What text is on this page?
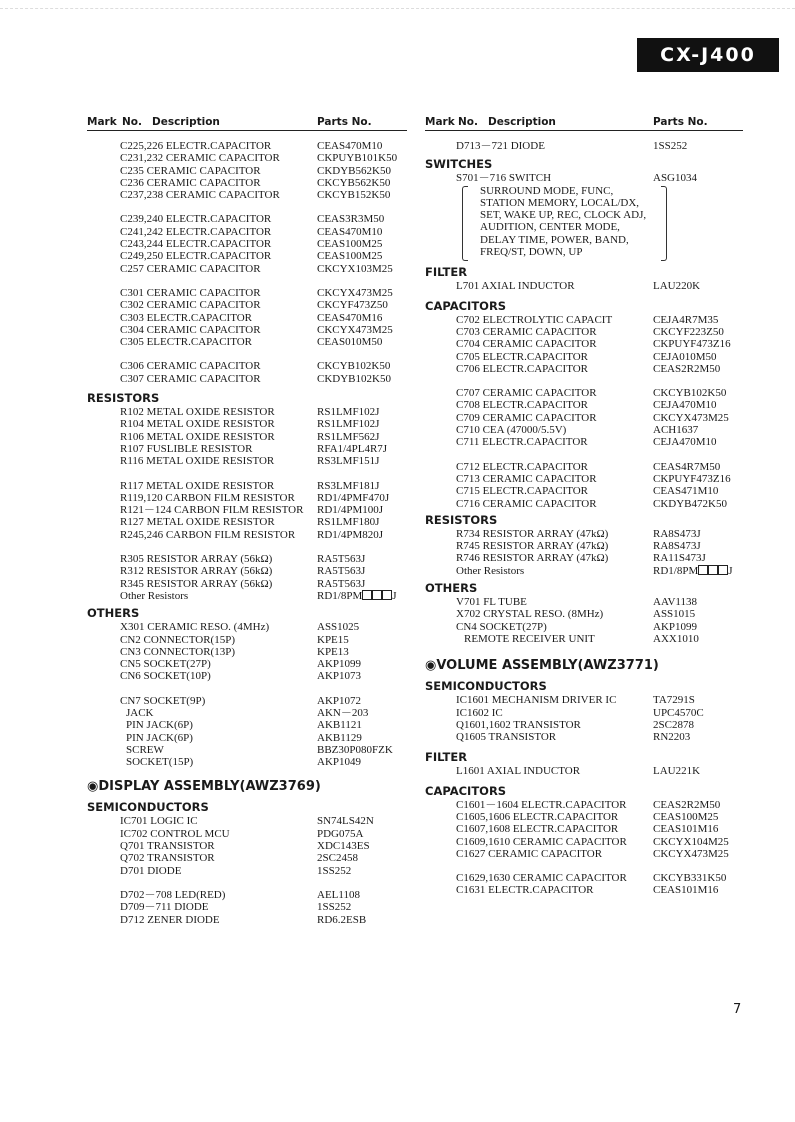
CX-J400
Mark No. Description	Parts No.
C225,226 ELECTR.CAPACITOR	CEAS470M10
C231,232 CERAMIC CAPACITOR	CKPUYB101K50
C235 CERAMIC CAPACITOR	CKDYB562K50
C236 CERAMIC CAPACITOR	CKCYB562K50
C237,238 CERAMIC CAPACITOR	CKCYB152K50
C239,240 ELECTR.CAPACITOR	CEAS3R3M50
C241,242 ELECTR.CAPACITOR	CEAS470M10
C243,244 ELECTR.CAPACITOR	CEAS100M25
C249,250 ELECTR.CAPACITOR	CEAS100M25
C257 CERAMIC CAPACITOR	CKCYX103M25
C301 CERAMIC CAPACITOR	CKCYX473M25
C302 CERAMIC CAPACITOR	CKCYF473Z50
C303 ELECTR.CAPACITOR	CEAS470M16
C304 CERAMIC CAPACITOR	CKCYX473M25
C305 ELECTR.CAPACITOR	CEAS010M50
C306 CERAMIC CAPACITOR	CKCYB102K50
C307 CERAMIC CAPACITOR	CKDYB102K50
RESISTORS
R102 METAL OXIDE RESISTOR	RS1LMF102J
R104 METAL OXIDE RESISTOR	RS1LMF102J
R106 METAL OXIDE RESISTOR	RS1LMF562J
R107 FUSLIBLE RESISTOR	RFA1/4PL4R7J
R116 METAL OXIDE RESISTOR	RS3LMF151J
R117 METAL OXIDE RESISTOR	RS3LMF181J
R119,120 CARBON FILM RESISTOR RD1/4PMF470J
R121－124 CARBON FILM RESISTOR RD1/4PM100J
R127 METAL OXIDE RESISTOR	RS1LMF180J
R245,246 CARBON FILM RESISTOR RD1/4PM820J
R305 RESISTOR ARRAY (56kΩ)	RA5T563J
R312 RESISTOR ARRAY (56kΩ)	RA5T563J
R345 RESISTOR ARRAY (56kΩ)	RA5T563J
Other Resistors	RD1/8PM	J
OTHERS
X301 CERAMIC RESO. (4MHz)	ASS1025
CN2 CONNECTOR(15P)	KPE15
CN3 CONNECTOR(13P)	KPE13
CN5 SOCKET(27P)	AKP1099
CN6 SOCKET(10P)	AKP1073
CN7 SOCKET(9P)	AKP1072
JACK	AKN－203
PIN JACK(6P)	AKB1121
PIN JACK(6P)	AKB1129
SCREW	BBZ30P080FZK
SOCKET(15P)	AKP1049
◉DISPLAY ASSEMBLY(AWZ3769)
SEMICONDUCTORS
IC701 LOGIC IC	SN74LS42N
IC702 CONTROL MCU	PDG075A
Q701 TRANSISTOR	XDC143ES
Q702 TRANSISTOR	2SC2458
D701 DIODE	1SS252
D702－708 LED(RED)	AEL1108
D709－711 DIODE	1SS252
D712 ZENER DIODE	RD6.2ESB
Mark No. Description	Parts No.
D713－721 DIODE	1SS252
SWITCHES
S701－716 SWITCH	ASG1034
SURROUND MODE, FUNC,
STATION MEMORY, LOCAL/DX,
SET, WAKE UP, REC, CLOCK ADJ,
AUDITION, CENTER MODE,
DELAY TIME, POWER, BAND,
FREQ/ST, DOWN, UP
FILTER
L701 AXIAL INDUCTOR	LAU220K
CAPACITORS
C702 ELECTROLYTIC CAPACIT	CEJA4R7M35
C703 CERAMIC CAPACITOR	CKCYF223Z50
C704 CERAMIC CAPACITOR	CKPUYF473Z16
C705 ELECTR.CAPACITOR	CEJA010M50
C706 ELECTR.CAPACITOR	CEAS2R2M50
C707 CERAMIC CAPACITOR	CKCYB102K50
C708 ELECTR.CAPACITOR	CEJA470M10
C709 CERAMIC CAPACITOR	CKCYX473M25
C710 CEA (47000/5.5V)	ACH1637
C711 ELECTR.CAPACITOR	CEJA470M10
C712 ELECTR.CAPACITOR	CEAS4R7M50
C713 CERAMIC CAPACITOR	CKPUYF473Z16
C715 ELECTR.CAPACITOR	CEAS471M10
C716 CERAMIC CAPACITOR	CKDYB472K50
RESISTORS
R734 RESISTOR ARRAY (47kΩ)	RA8S473J
R745 RESISTOR ARRAY (47kΩ)	RA8S473J
R746 RESISTOR ARRAY (47kΩ)	RA11S473J
Other Resistors	RD1/8PM	J
OTHERS
V701 FL TUBE	AAV1138
X702 CRYSTAL RESO. (8MHz)	ASS1015
CN4 SOCKET(27P)	AKP1099
REMOTE RECEIVER UNIT	AXX1010
◉VOLUME ASSEMBLY(AWZ3771)
SEMICONDUCTORS
IC1601 MECHANISM DRIVER IC	TA7291S
IC1602 IC	UPC4570C
Q1601,1602 TRANSISTOR	2SC2878
Q1605 TRANSISTOR	RN2203
FILTER
L1601 AXIAL INDUCTOR	LAU221K
CAPACITORS
C1601－1604 ELECTR.CAPACITOR CEAS2R2M50
C1605,1606 ELECTR.CAPACITOR	CEAS100M25
C1607,1608 ELECTR.CAPACITOR	CEAS101M16
C1609,1610 CERAMIC CAPACITOR CKCYX104M25
C1627 CERAMIC CAPACITOR	CKCYX473M25
C1629,1630 CERAMIC CAPACITOR CKCYB331K50
C1631 ELECTR.CAPACITOR	CEAS101M16
7
